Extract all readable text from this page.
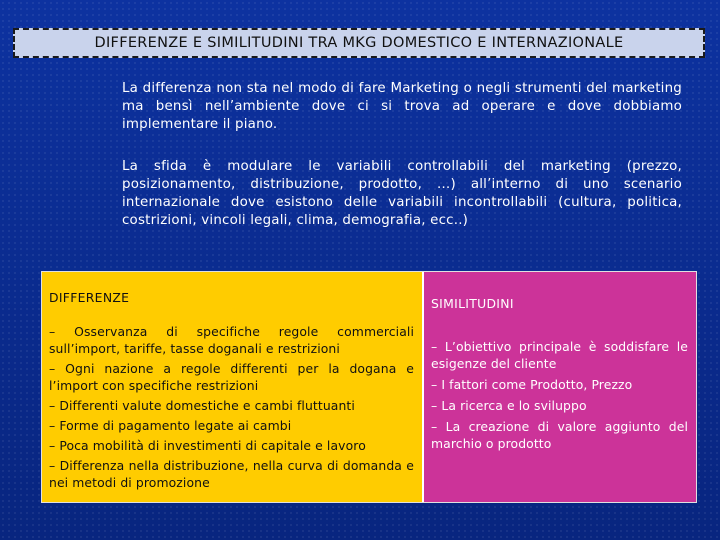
DIFFERENZE E SIMILITUDINI TRA MKG DOMESTICO E INTERNAZIONALE
La differenza non sta nel modo di fare Marketing o negli strumenti del marketing ma bensì nell’ambiente dove ci si trova ad operare e dove dobbiamo implementare il piano.
La sfida è modulare le variabili controllabili del marketing (prezzo, posizionamento, distribuzione, prodotto, …) all’interno di uno scenario internazionale dove esistono delle variabili incontrollabili (cultura, politica, costrizioni, vincoli legali, clima, demografia, ecc..)
DIFFERENZE

– Osservanza di specifiche regole commerciali sull’import, tariffe, tasse doganali e restrizioni

– Ogni nazione a regole differenti per la dogana e l’import con specifiche restrizioni

– Differenti valute domestiche e cambi fluttuanti

– Forme di pagamento legate ai cambi

– Poca mobilità di investimenti di capitale e lavoro

– Differenza nella distribuzione, nella curva di domanda e nei metodi di promozione

SIMILITUDINI

– L’obiettivo principale è soddisfare le esigenze del cliente

– I fattori come Prodotto, Prezzo

– La ricerca e lo sviluppo

– La creazione di valore aggiunto del marchio o prodotto
